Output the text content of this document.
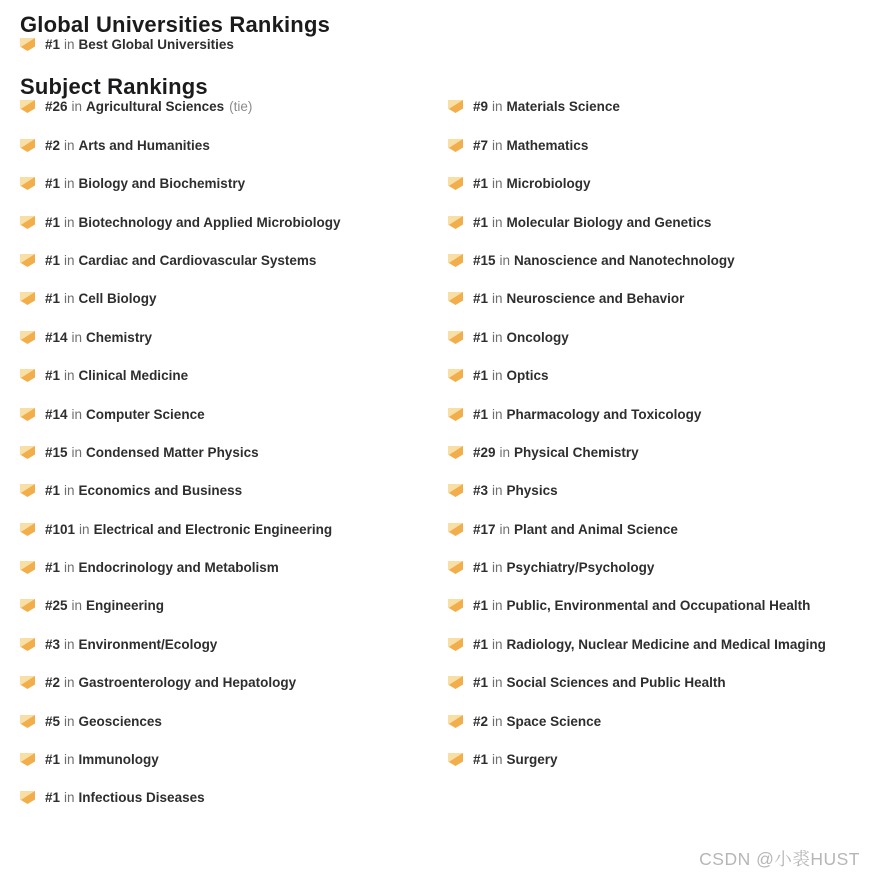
Global Universities Rankings
#1 in Best Global Universities
Subject Rankings
#26 in Agricultural Sciences (tie)
#2 in Arts and Humanities
#1 in Biology and Biochemistry
#1 in Biotechnology and Applied Microbiology
#1 in Cardiac and Cardiovascular Systems
#1 in Cell Biology
#14 in Chemistry
#1 in Clinical Medicine
#14 in Computer Science
#15 in Condensed Matter Physics
#1 in Economics and Business
#101 in Electrical and Electronic Engineering
#1 in Endocrinology and Metabolism
#25 in Engineering
#3 in Environment/Ecology
#2 in Gastroenterology and Hepatology
#5 in Geosciences
#1 in Immunology
#1 in Infectious Diseases
#9 in Materials Science
#7 in Mathematics
#1 in Microbiology
#1 in Molecular Biology and Genetics
#15 in Nanoscience and Nanotechnology
#1 in Neuroscience and Behavior
#1 in Oncology
#1 in Optics
#1 in Pharmacology and Toxicology
#29 in Physical Chemistry
#3 in Physics
#17 in Plant and Animal Science
#1 in Psychiatry/Psychology
#1 in Public, Environmental and Occupational Health
#1 in Radiology, Nuclear Medicine and Medical Imaging
#1 in Social Sciences and Public Health
#2 in Space Science
#1 in Surgery
CSDN @小裘HUST
